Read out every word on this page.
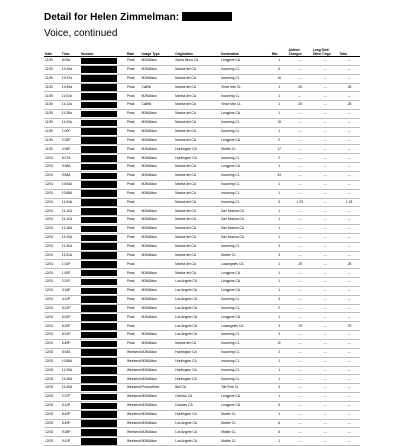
Detail for Helen Zimmelman:
Voice, continued
Date	Time	Number	Rate	Usage Type	Origination	Destination	Min.	Airtime Charges	Long Dist/ Other Chgs	Total
11/30	8:09a		Peak	M2MAllow	Santa Mnca CA	Longpine CA	1	---	---	---
11/30	10:10a		Peak	M2MAllow	Marina del CA	Incoming CL	6	---	---	---
11/30	10:37a		Peak	M2MAllow	Marina del CA	Incoming CL	16	---	---	---
11/30	10:53a		Peak	CallWt	Marina del CA	Vince Mar CL	1	.25	---	.25
11/30	11:02a		Peak	M2MAllow	Marina del CA	Incoming CL	1	---	---	---
11/30	11:12a		Peak	CallWt	Marina del CA	Vince Mar CL	1	.25	---	.25
11/30	11:38a		Peak	M2MAllow	Marina del CA	Longpine CA	1	---	---	---
11/30	11:43a		Peak	M2MAllow	Marina del CA	Incoming CL	15	---	---	---
11/30	1:00P		Peak	M2MAllow	Marina del CA	Incoming CL	1	---	---	---
11/30	2:33P		Peak	M2MAllow	Marina del CA	Longpine CA	2	---	---	---
11/30	4:36P		Peak	M2MAllow	Huntington CA	Mobile CL	17	---	---	---
12/01	6:27A		Peak	M2MAllow	Huntington CA	Incoming CL	2	---	---	---
12/01	9:39A		Peak	M2MAllow	Marina del CA	Longpine CA	1	---	---	---
12/01	9:54A		Peak	M2MAllow	Marina del CA	Incoming CL	43	---	---	---
12/01	10:54A		Peak	M2MAllow	Marina del CA	Incoming CL	1	---	---	---
12/01	10:58A		Peak	M2MAllow	Marina del CA	Incoming CL	1	---	---	---
12/01	11:04A		Peak		Marina del CA	Incoming CL	5	1.25	---	1.25
12/01	11:10A		Peak	M2MAllow	Marina del CA	San Monica CA	1	---	---	---
12/01	11:12A		Peak	M2MAllow	Marina del CA	San Monica CA	1	---	---	---
12/01	11:16A		Peak	M2MAllow	Marina del CA	San Monica CA	1	---	---	---
12/01	11:20A		Peak	M2MAllow	Marina del CA	San Monica CA	1	---	---	---
12/01	11:30A		Peak	M2MAllow	Marina del CA	Incoming CL	3	---	---	---
12/01	11:51A		Peak	M2MAllow	Marina del CA	Mobile CL	3	---	---	---
12/01	1:31P		Peak		Marina del CA	Losangeles CA	1	.25	---	.25
12/01	1:52P		Peak	M2MAllow	Marina del CA	Longpine CA	1	---	---	---
12/01	2:21P		Peak	M2MAllow	Los Angele CA	Longpine CA	1	---	---	---
12/01	3:16P		Peak	M2MAllow	Los Angele CA	Longpine CA	1	---	---	---
12/01	4:11P		Peak	M2MAllow	Los Angele CA	Incoming CL	3	---	---	---
12/01	5:21P		Peak	M2MAllow	Los Angele CA	Incoming CL	2	---	---	---
12/01	6:02P		Peak	M2MAllow	Los Angele CA	Longpine CA	1	---	---	---
12/01	6:20P		Peak		Los Angele CA	Losangeles CA	3	.75	---	.75
12/01	6:21P		Peak	M2MAllow	Los Angele CA	Incoming CL	3	---	---	---
12/01	6:49P		Peak	M2MAllow	Marina del CA	Incoming CL	11	---	---	---
12/02	8:04A		Weekend	M2MAllow	Huntington CA	Incoming CL	2	---	---	---
12/02	10:56A		Weekend	M2MAllow	Huntington CA	Incoming CL	1	---	---	---
12/02	11:20A		Weekend	M2MAllow	Huntington CA	Incoming CL	1	---	---	---
12/02	11:26A		Weekend	M2MAllow	Huntington CA	Incoming CL	1	---	---	---
12/02	11:49A		Weekend	PromoAllow	Bell CA	Toll-Free CL	3	---	---	---
12/02	2:37P		Weekend	M2MAllow	Cerritos CA	Longpine CA	1	---	---	---
12/02	5:11P		Weekend	M2MAllow	Downey CA	Longpine CA	5	---	---	---
12/02	8:42P		Weekend	M2MAllow	Huntington CA	Mobile CL	1	---	---	---
12/02	8:43P		Weekend	M2MAllow	Los Angele CA	Mobile CL	6	---	---	---
12/02	9:25P		Weekend	M2MAllow	Los Angele CA	Mobile CL	6	---	---	---
12/02	9:11P		Weekend	M2MAllow	Los Angele CA	Mobile CL	1	---	---	---
